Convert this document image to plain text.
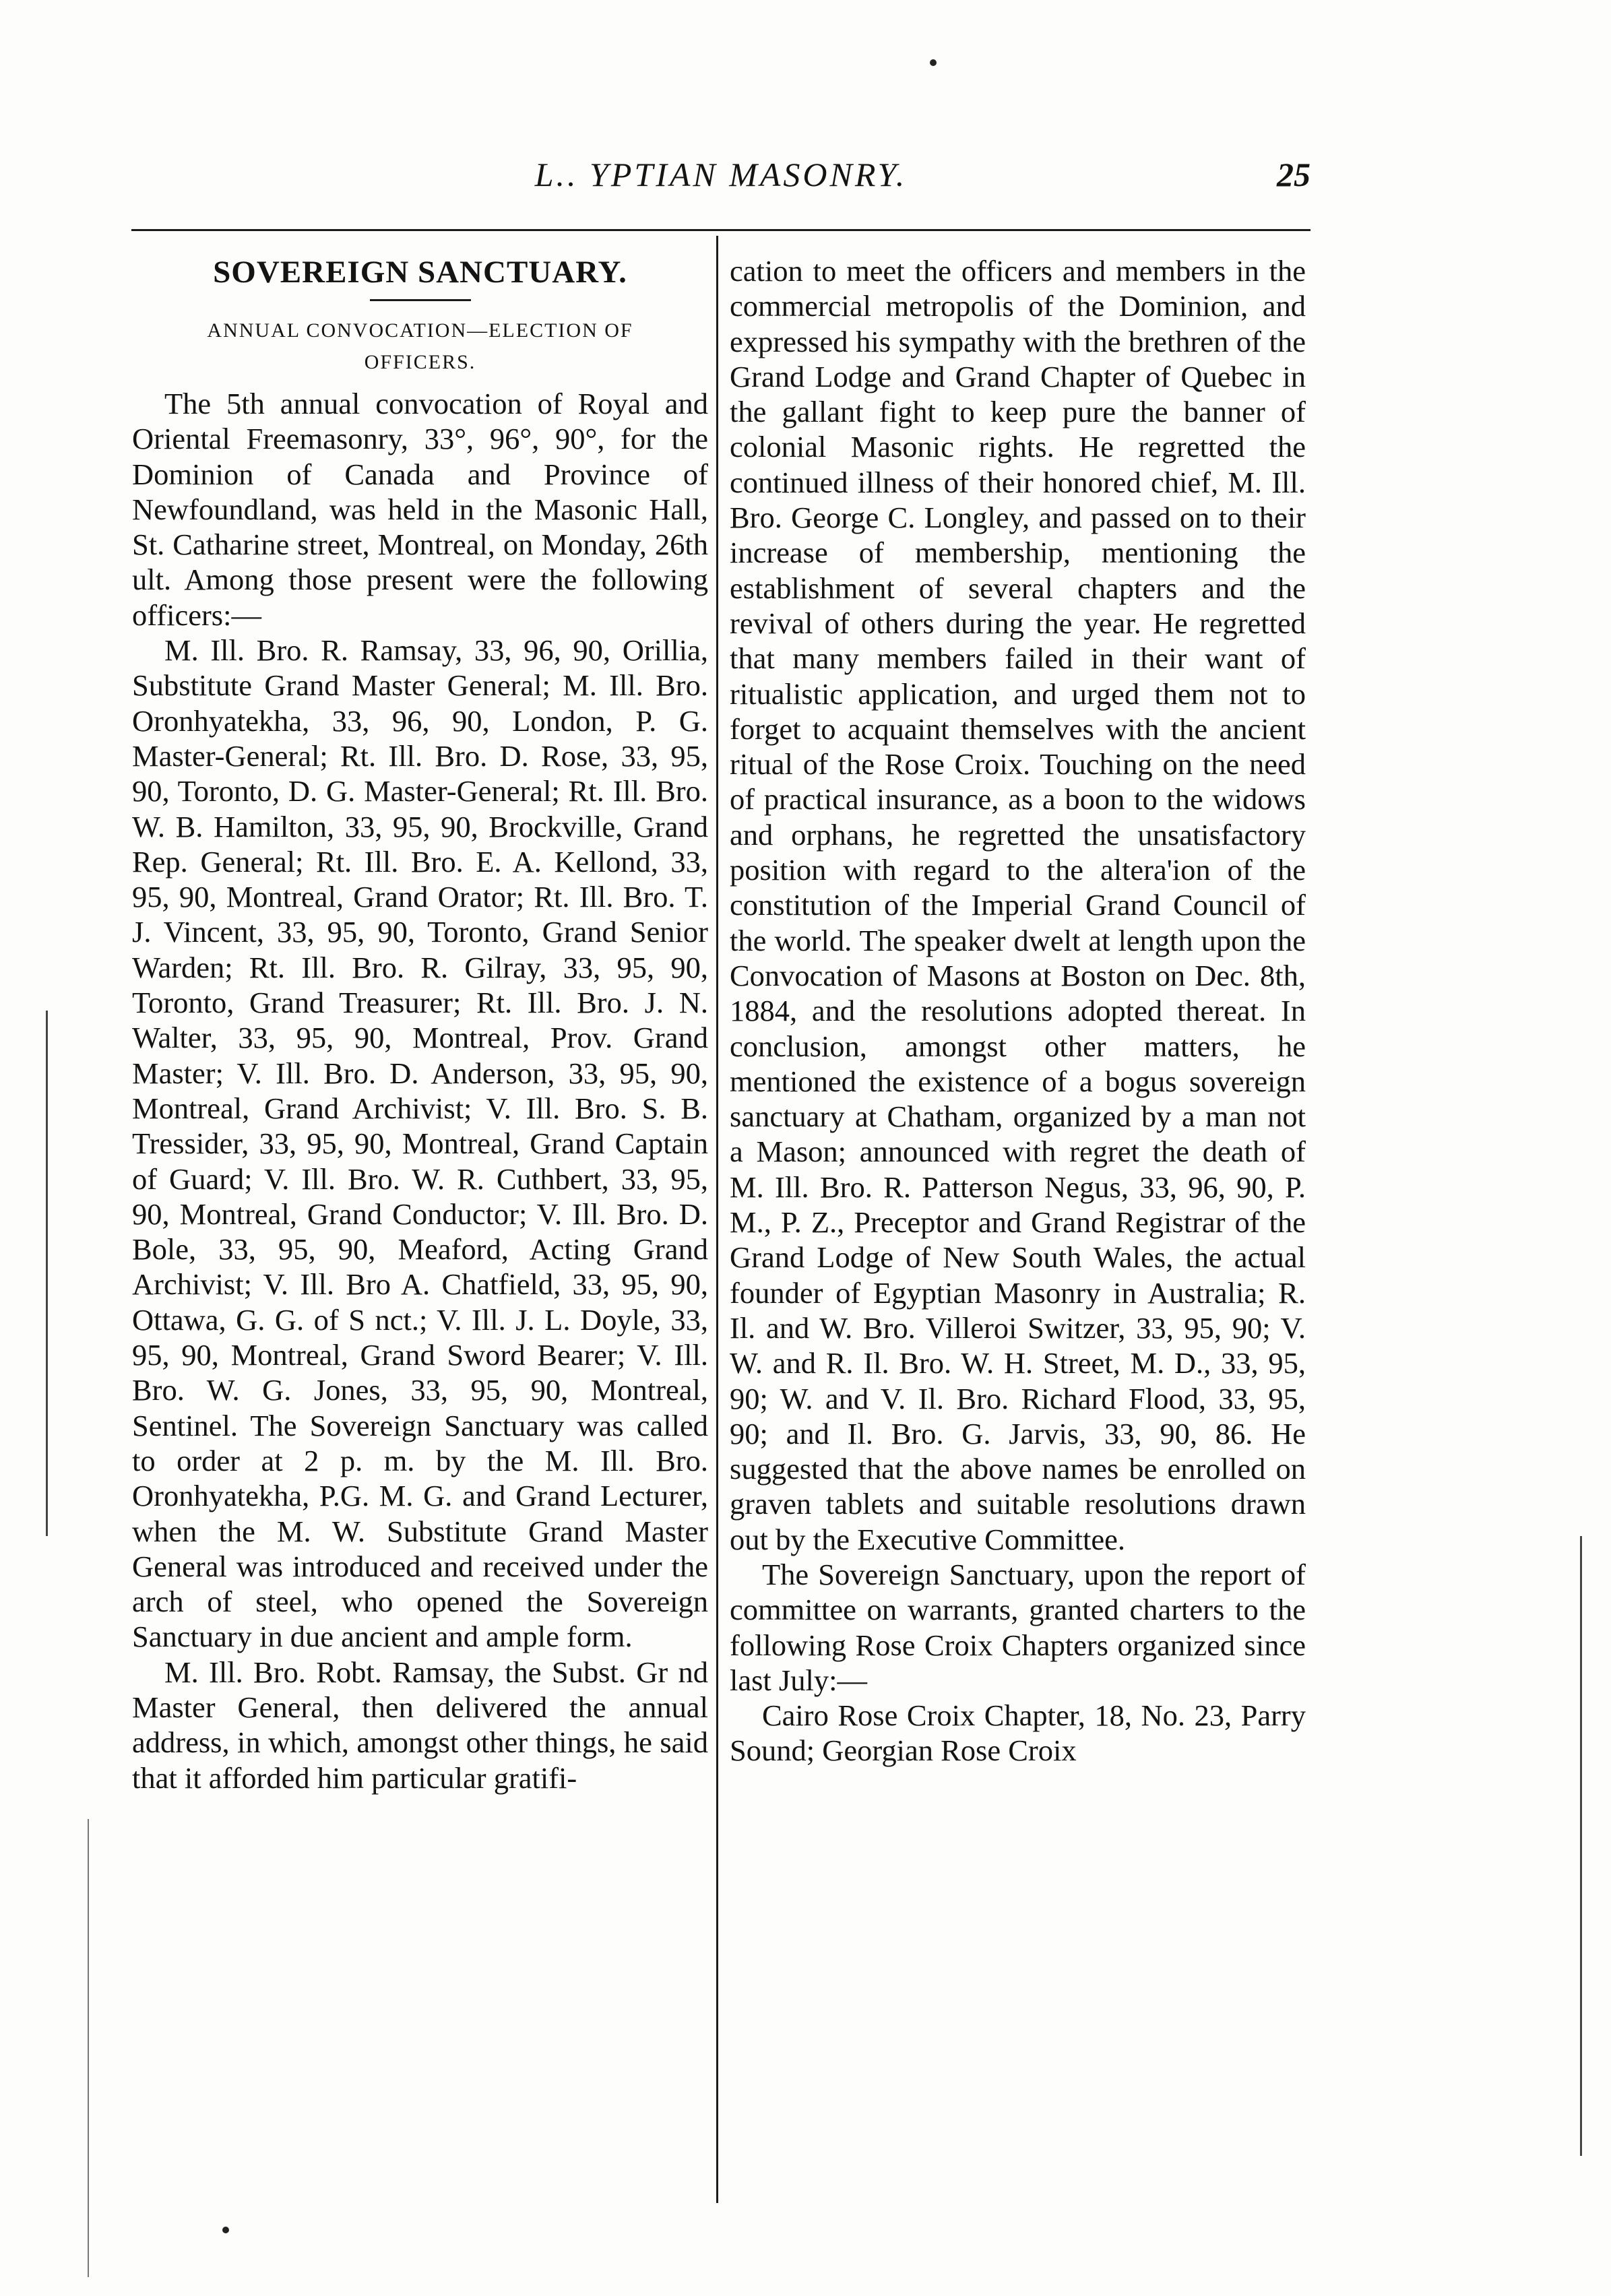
L.. YPTIAN MASONRY.	25
SOVEREIGN SANCTUARY.
ANNUAL CONVOCATION—ELECTION OF OFFICERS.

The 5th annual convocation of Royal and Oriental Freemasonry, 33°, 96°, 90°, for the Dominion of Canada and Province of Newfoundland, was held in the Masonic Hall, St. Catharine street, Montreal, on Monday, 26th ult. Among those present were the following officers:—

M. Ill. Bro. R. Ramsay, 33, 96, 90, Orillia, Substitute Grand Master General; M. Ill. Bro. Oronhyatekha, 33, 96, 90, London, P. G. Master-General; Rt. Ill. Bro. D. Rose, 33, 95, 90, Toronto, D. G. Master-General; Rt. Ill. Bro. W. B. Hamilton, 33, 95, 90, Brockville, Grand Rep. General; Rt. Ill. Bro. E. A. Kellond, 33, 95, 90, Montreal, Grand Orator; Rt. Ill. Bro. T. J. Vincent, 33, 95, 90, Toronto, Grand Senior Warden; Rt. Ill. Bro. R. Gilray, 33, 95, 90, Toronto, Grand Treasurer; Rt. Ill. Bro. J. N. Walter, 33, 95, 90, Montreal, Prov. Grand Master; V. Ill. Bro. D. Anderson, 33, 95, 90, Montreal, Grand Archivist; V. Ill. Bro. S. B. Tressider, 33, 95, 90, Montreal, Grand Captain of Guard; V. Ill. Bro. W. R. Cuthbert, 33, 95, 90, Montreal, Grand Conductor; V. Ill. Bro. D. Bole, 33, 95, 90, Meaford, Acting Grand Archivist; V. Ill. Bro A. Chatfield, 33, 95, 90, Ottawa, G. G. of S nct.; V. Ill. J. L. Doyle, 33, 95, 90, Montreal, Grand Sword Bearer; V. Ill. Bro. W. G. Jones, 33, 95, 90, Montreal, Sentinel. The Sovereign Sanctuary was called to order at 2 p. m. by the M. Ill. Bro. Oronhyatekha, P.G. M. G. and Grand Lecturer, when the M. W. Substitute Grand Master General was introduced and received under the arch of steel, who opened the Sovereign Sanctuary in due ancient and ample form.

M. Ill. Bro. Robt. Ramsay, the Subst. Gr nd Master General, then delivered the annual address, in which, amongst other things, he said that it afforded him particular gratifi-

cation to meet the officers and members in the commercial metropolis of the Dominion, and expressed his sympathy with the brethren of the Grand Lodge and Grand Chapter of Quebec in the gallant fight to keep pure the banner of colonial Masonic rights. He regretted the continued illness of their honored chief, M. Ill. Bro. George C. Longley, and passed on to their increase of membership, mentioning the establishment of several chapters and the revival of others during the year. He regretted that many members failed in their want of ritualistic application, and urged them not to forget to acquaint themselves with the ancient ritual of the Rose Croix. Touching on the need of practical insurance, as a boon to the widows and orphans, he regretted the unsatisfactory position with regard to the altera'ion of the constitution of the Imperial Grand Council of the world. The speaker dwelt at length upon the Convocation of Masons at Boston on Dec. 8th, 1884, and the resolutions adopted thereat. In conclusion, amongst other matters, he mentioned the existence of a bogus sovereign sanctuary at Chatham, organized by a man not a Mason; announced with regret the death of M. Ill. Bro. R. Patterson Negus, 33, 96, 90, P. M., P. Z., Preceptor and Grand Registrar of the Grand Lodge of New South Wales, the actual founder of Egyptian Masonry in Australia; R. Il. and W. Bro. Villeroi Switzer, 33, 95, 90; V. W. and R. Il. Bro. W. H. Street, M. D., 33, 95, 90; W. and V. Il. Bro. Richard Flood, 33, 95, 90; and Il. Bro. G. Jarvis, 33, 90, 86. He suggested that the above names be enrolled on graven tablets and suitable resolutions drawn out by the Executive Committee.

The Sovereign Sanctuary, upon the report of committee on warrants, granted charters to the following Rose Croix Chapters organized since last July:—

Cairo Rose Croix Chapter, 18, No. 23, Parry Sound; Georgian Rose Croix
